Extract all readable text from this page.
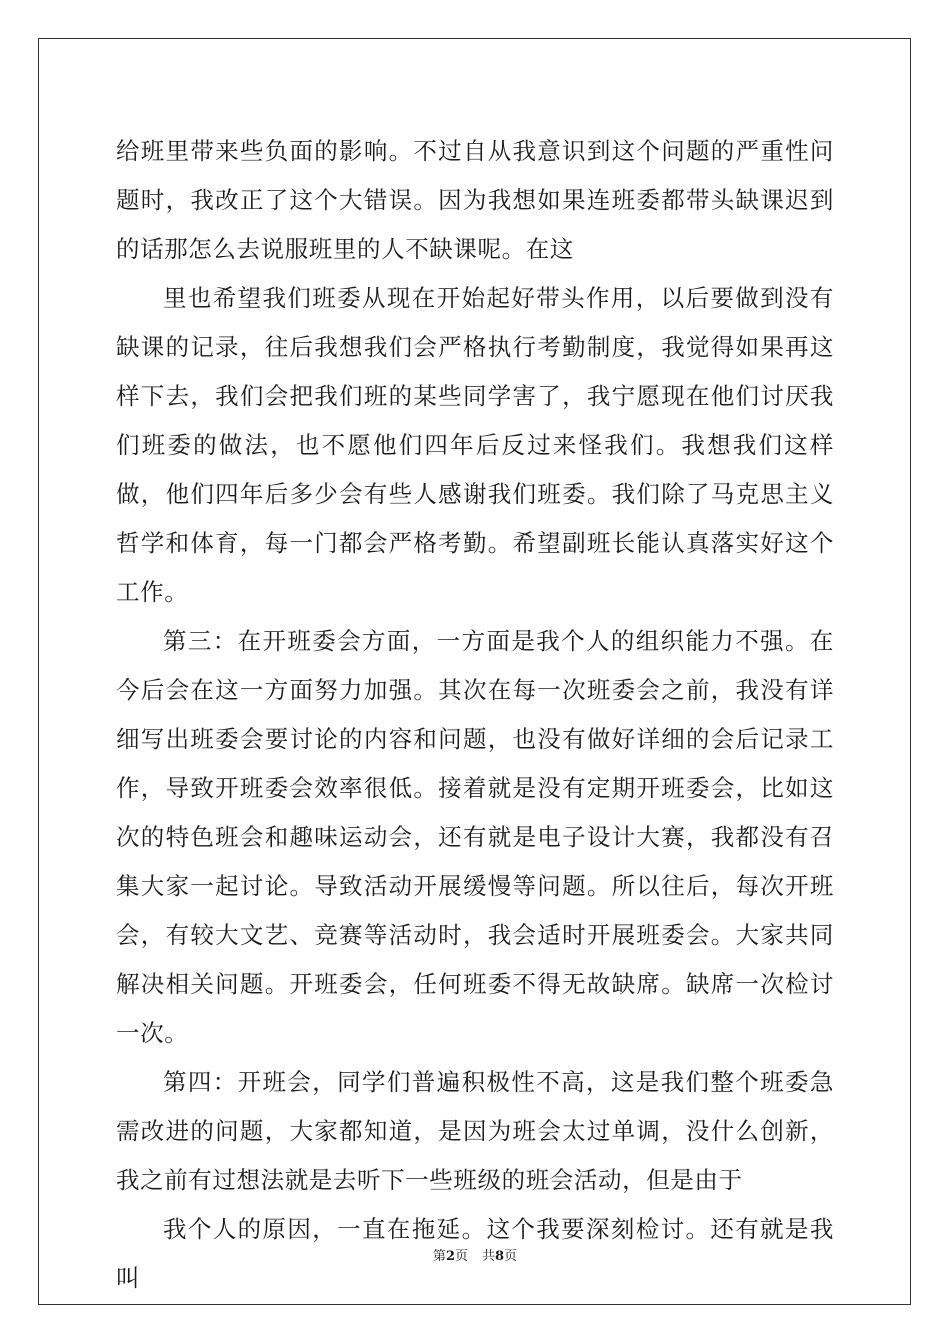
给班里带来些负面的影响。不过自从我意识到这个问题的严重性问题时，我改正了这个大错误。因为我想如果连班委都带头缺课迟到的话那怎么去说服班里的人不缺课呢。在这

里也希望我们班委从现在开始起好带头作用，以后要做到没有缺课的记录，往后我想我们会严格执行考勤制度，我觉得如果再这样下去，我们会把我们班的某些同学害了，我宁愿现在他们讨厌我们班委的做法，也不愿他们四年后反过来怪我们。我想我们这样做，他们四年后多少会有些人感谢我们班委。我们除了马克思主义哲学和体育，每一门都会严格考勤。希望副班长能认真落实好这个工作。

第三：在开班委会方面，一方面是我个人的组织能力不强。在今后会在这一方面努力加强。其次在每一次班委会之前，我没有详细写出班委会要讨论的内容和问题，也没有做好详细的会后记录工作，导致开班委会效率很低。接着就是没有定期开班委会，比如这次的特色班会和趣味运动会，还有就是电子设计大赛，我都没有召集大家一起讨论。导致活动开展缓慢等问题。所以往后，每次开班会，有较大文艺、竞赛等活动时，我会适时开展班委会。大家共同解决相关问题。开班委会，任何班委不得无故缺席。缺席一次检讨一次。

第四：开班会，同学们普遍积极性不高，这是我们整个班委急需改进的问题，大家都知道，是因为班会太过单调，没什么创新，我之前有过想法就是去听下一些班级的班会活动，但是由于

我个人的原因，一直在拖延。这个我要深刻检讨。还有就是我叫

第2页 共8页
